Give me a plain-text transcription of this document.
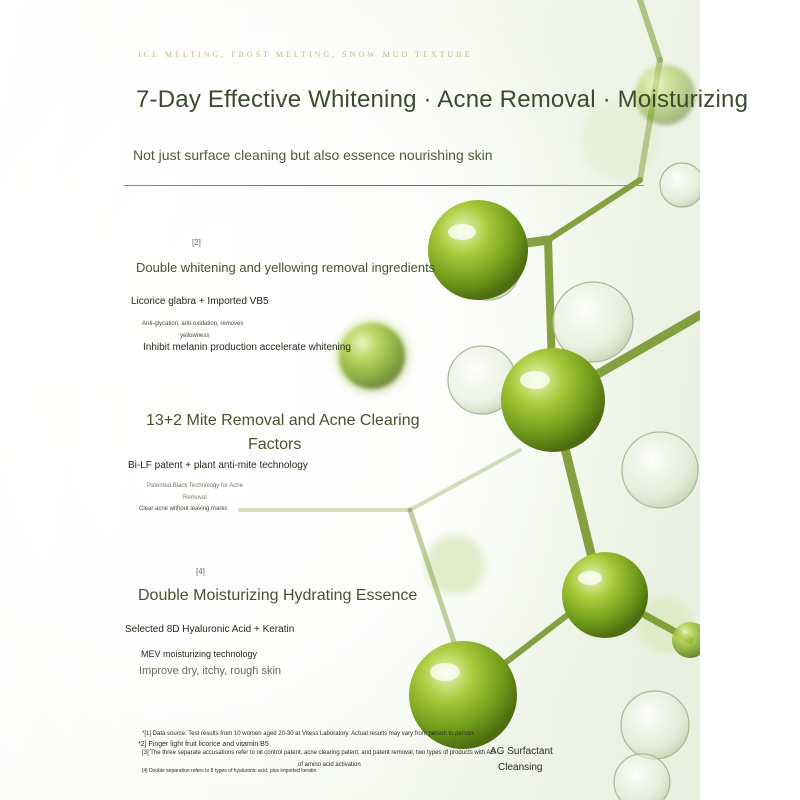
ICE MELTING, FROST MELTING, SNOW MUD TEXTURE

7-Day Effective Whitening · Acne Removal · Moisturizing

Not just surface cleaning but also essence nourishing skin

[2]

Double whitening and yellowing removal ingredients

Licorice glabra + Imported VB5

Anti-glycation, anti-oxidation, removes

yellowness

Inhibit melanin production accelerate whitening

13+2 Mite Removal and Acne Clearing

Factors

Bi-LF patent + plant anti-mite technology

Patented Black Technology for Acne

Removal

Clear acne without leaving marks

[4]

Double Moisturizing Hydrating Essence

Selected 8D Hyaluronic Acid + Keratin

MEV moisturizing technology

Improve dry, itchy, rough skin

*[1] Data source: Test results from 10 women aged 20-30 at Vitess Laboratory. Actual results may vary from person to person.

*2] Finger light fruit licorice and vitamin B5

[3] The three separate accusations refer to oil control patent, acne clearing patent, and patent removal, two types of products with AG

of amino acid activation

[4] Double separation refers to 8 types of hyaluronic acid, plus imported keratin

AG Surfactant

Cleansing
